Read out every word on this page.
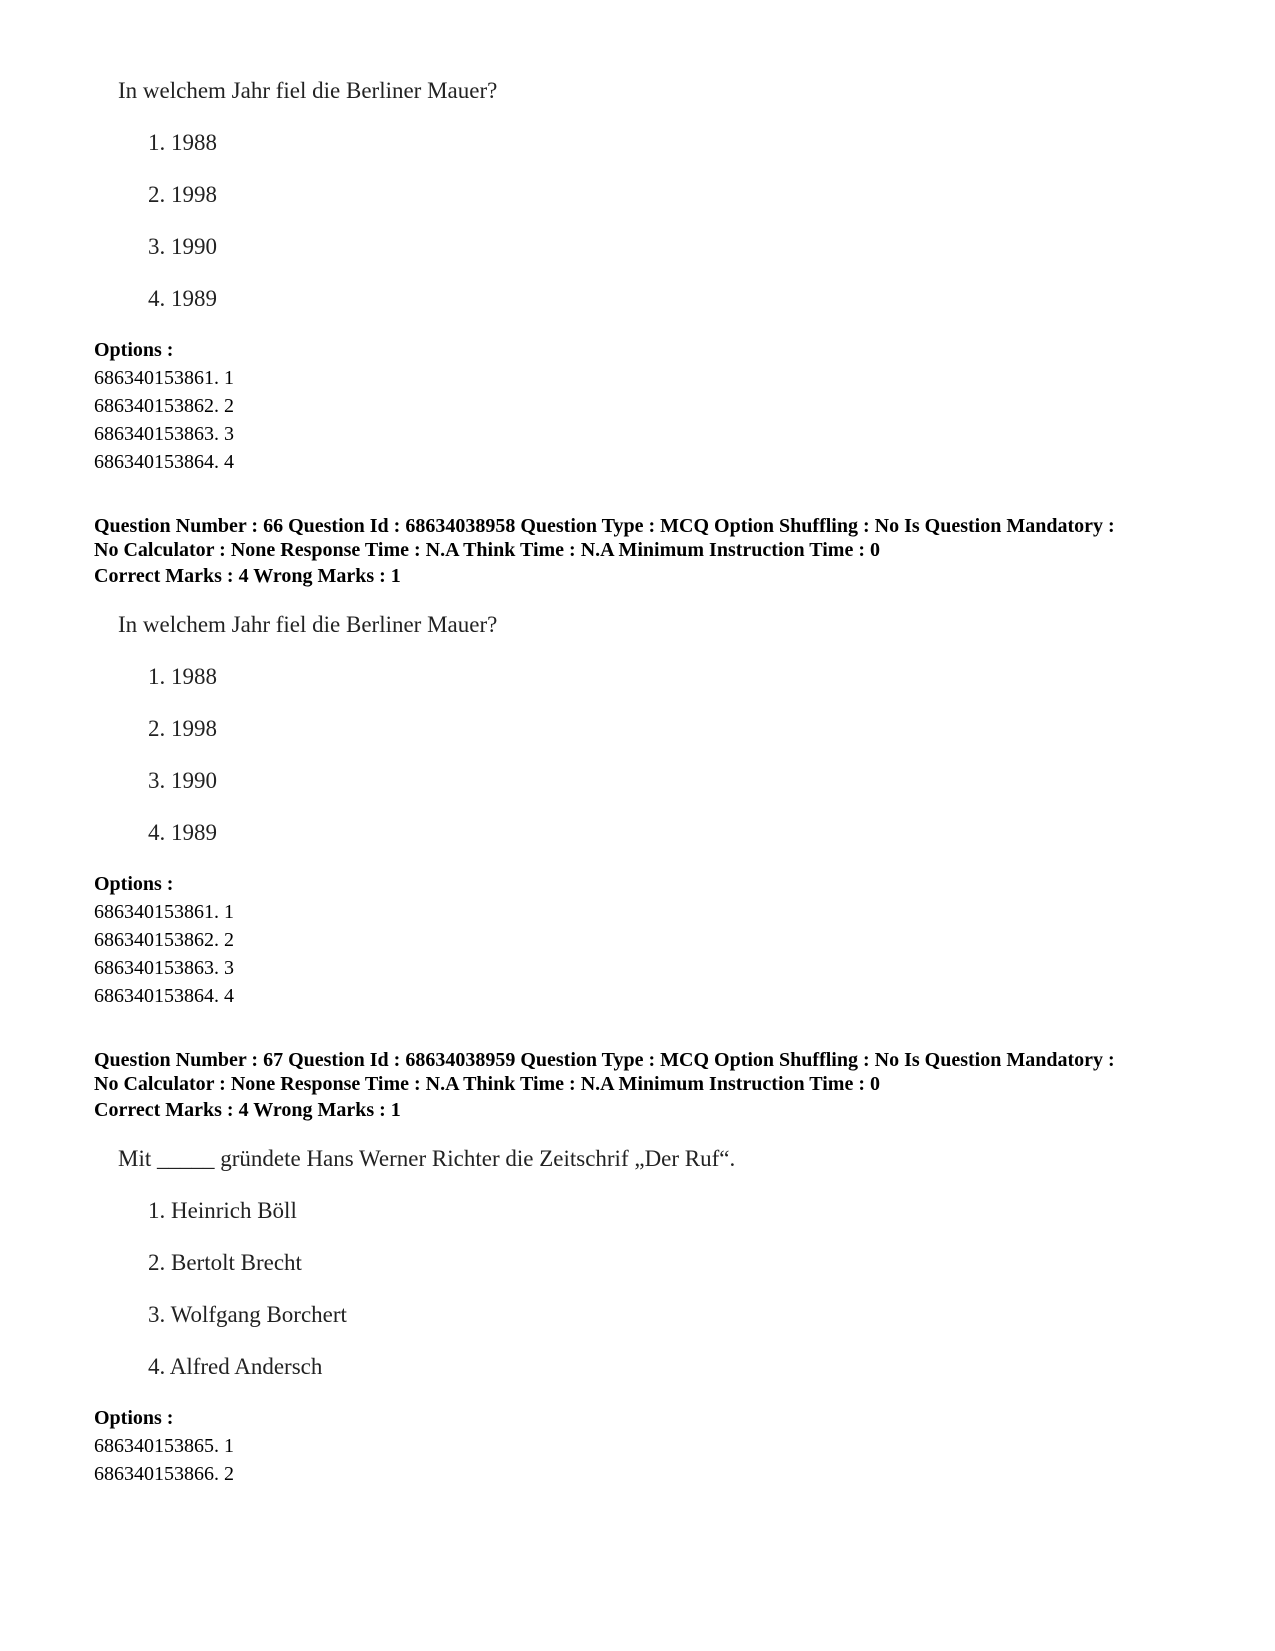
In welchem Jahr fiel die Berliner Mauer?
1. 1988
2. 1998
3. 1990
4. 1989
Options :
686340153861. 1
686340153862. 2
686340153863. 3
686340153864. 4
Question Number : 66 Question Id : 68634038958 Question Type : MCQ Option Shuffling : No Is Question Mandatory :
No Calculator : None Response Time : N.A Think Time : N.A Minimum Instruction Time : 0
Correct Marks : 4 Wrong Marks : 1
In welchem Jahr fiel die Berliner Mauer?
1. 1988
2. 1998
3. 1990
4. 1989
Options :
686340153861. 1
686340153862. 2
686340153863. 3
686340153864. 4
Question Number : 67 Question Id : 68634038959 Question Type : MCQ Option Shuffling : No Is Question Mandatory :
No Calculator : None Response Time : N.A Think Time : N.A Minimum Instruction Time : 0
Correct Marks : 4 Wrong Marks : 1
Mit _____ gründete Hans Werner Richter die Zeitschrif „Der Ruf“.
1. Heinrich Böll
2. Bertolt Brecht
3. Wolfgang Borchert
4. Alfred Andersch
Options :
686340153865. 1
686340153866. 2
